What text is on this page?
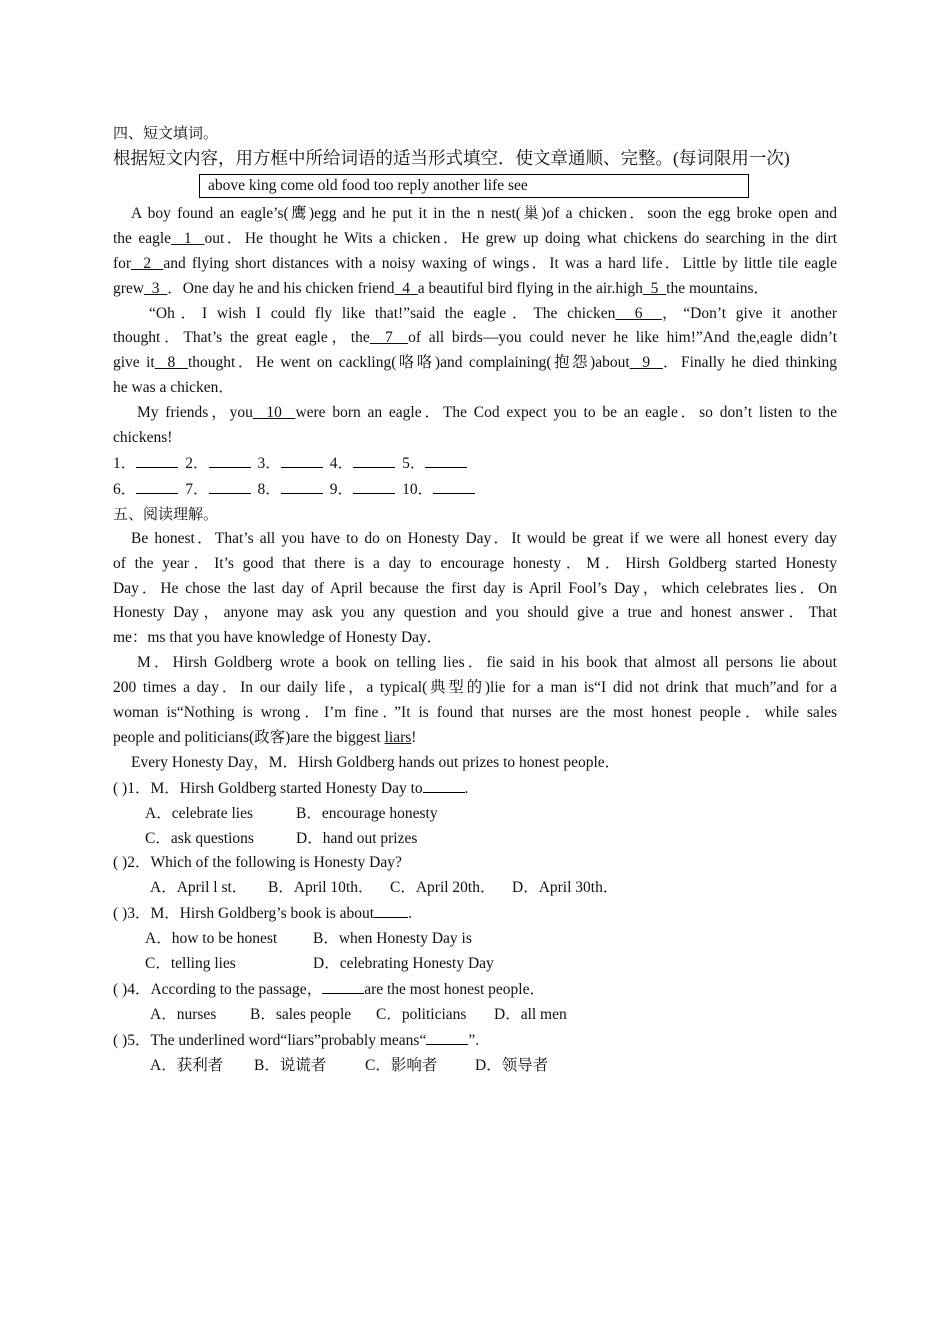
四、短文填词。
根据短文内容，用方框中所给词语的适当形式填空．使文章通顺、完整。(每词限用一次)
above king come old food too reply another life see
A boy found an eagle’s(鹰)egg and he put it in the n nest(巢)of a chicken．soon the egg broke open and
the eagle  1  out．He thought he Wits a chicken．He grew up doing what chickens do searching in the dirt
for  2  and flying short distances with a noisy waxing of wings．It was a hard life．Little by little tile eagle
grew  3  ．One day he and his chicken friend  4  a beautiful bird flying in the air.high  5  the mountains．
“Oh．I wish I could fly like that!”said the eagle．The chicken  6  ，“Don’t give it another
thought．That’s the great eagle，the  7  of all birds—you could never he like him!”And the,eagle didn’t
give it  8  thought．He went on cackling(咯咯)and complaining(抱怨)about  9  ．Finally he died thinking
he was a chicken．
My friends，you  10  were born an eagle．The Cod expect you to be an eagle．so don’t listen to the
chickens!
1．	2．	3．	4．	5．
6．	7．	8．	9．	10．
五、阅读理解。
Be honest．That’s all you have to do on Honesty Day．It would be great if we were all honest every day
of the year．It’s good that there is a day to encourage honesty．M．Hirsh Goldberg started Honesty
Day．He chose the last day of April because the first day is April Fool’s Day，which celebrates lies．On
Honesty Day，anyone may ask you any question and you should give a true and honest answer．That
me：ms that you have knowledge of Honesty Day．
M．Hirsh Goldberg wrote a book on telling lies．fie said in his book that almost all persons lie about
200 times a day．In our daily life，a typical(典型的)lie for a man is“I did not drink that much”and for a
woman is“Nothing is wrong．I’m fine．”It is found that nurses are the most honest people．while sales
people and politicians(政客)are the biggest liars!
Every Honesty Day，M．Hirsh Goldberg hands out prizes to honest people．
( )1．M．Hirsh Goldberg started Honesty Day to	.
A．celebrate lies	B．encourage honesty
C．ask questions	D．hand out prizes
( )2．Which of the following is Honesty Day?
A．April l st． B．April 10th． C．April 20th． D．April 30th．
( )3．M．Hirsh Goldberg’s book is about .
A．how to be honest B．when Honesty Day is
C．telling lies	D．celebrating Honesty Day
( )4．According to the passage，	are the most honest people．
A．nurses B．sales people C．politicians D．all men
( )5．The underlined word“liars”probably means“	”.
A．获利者 B．说谎者 C．影响者 D．领导者
